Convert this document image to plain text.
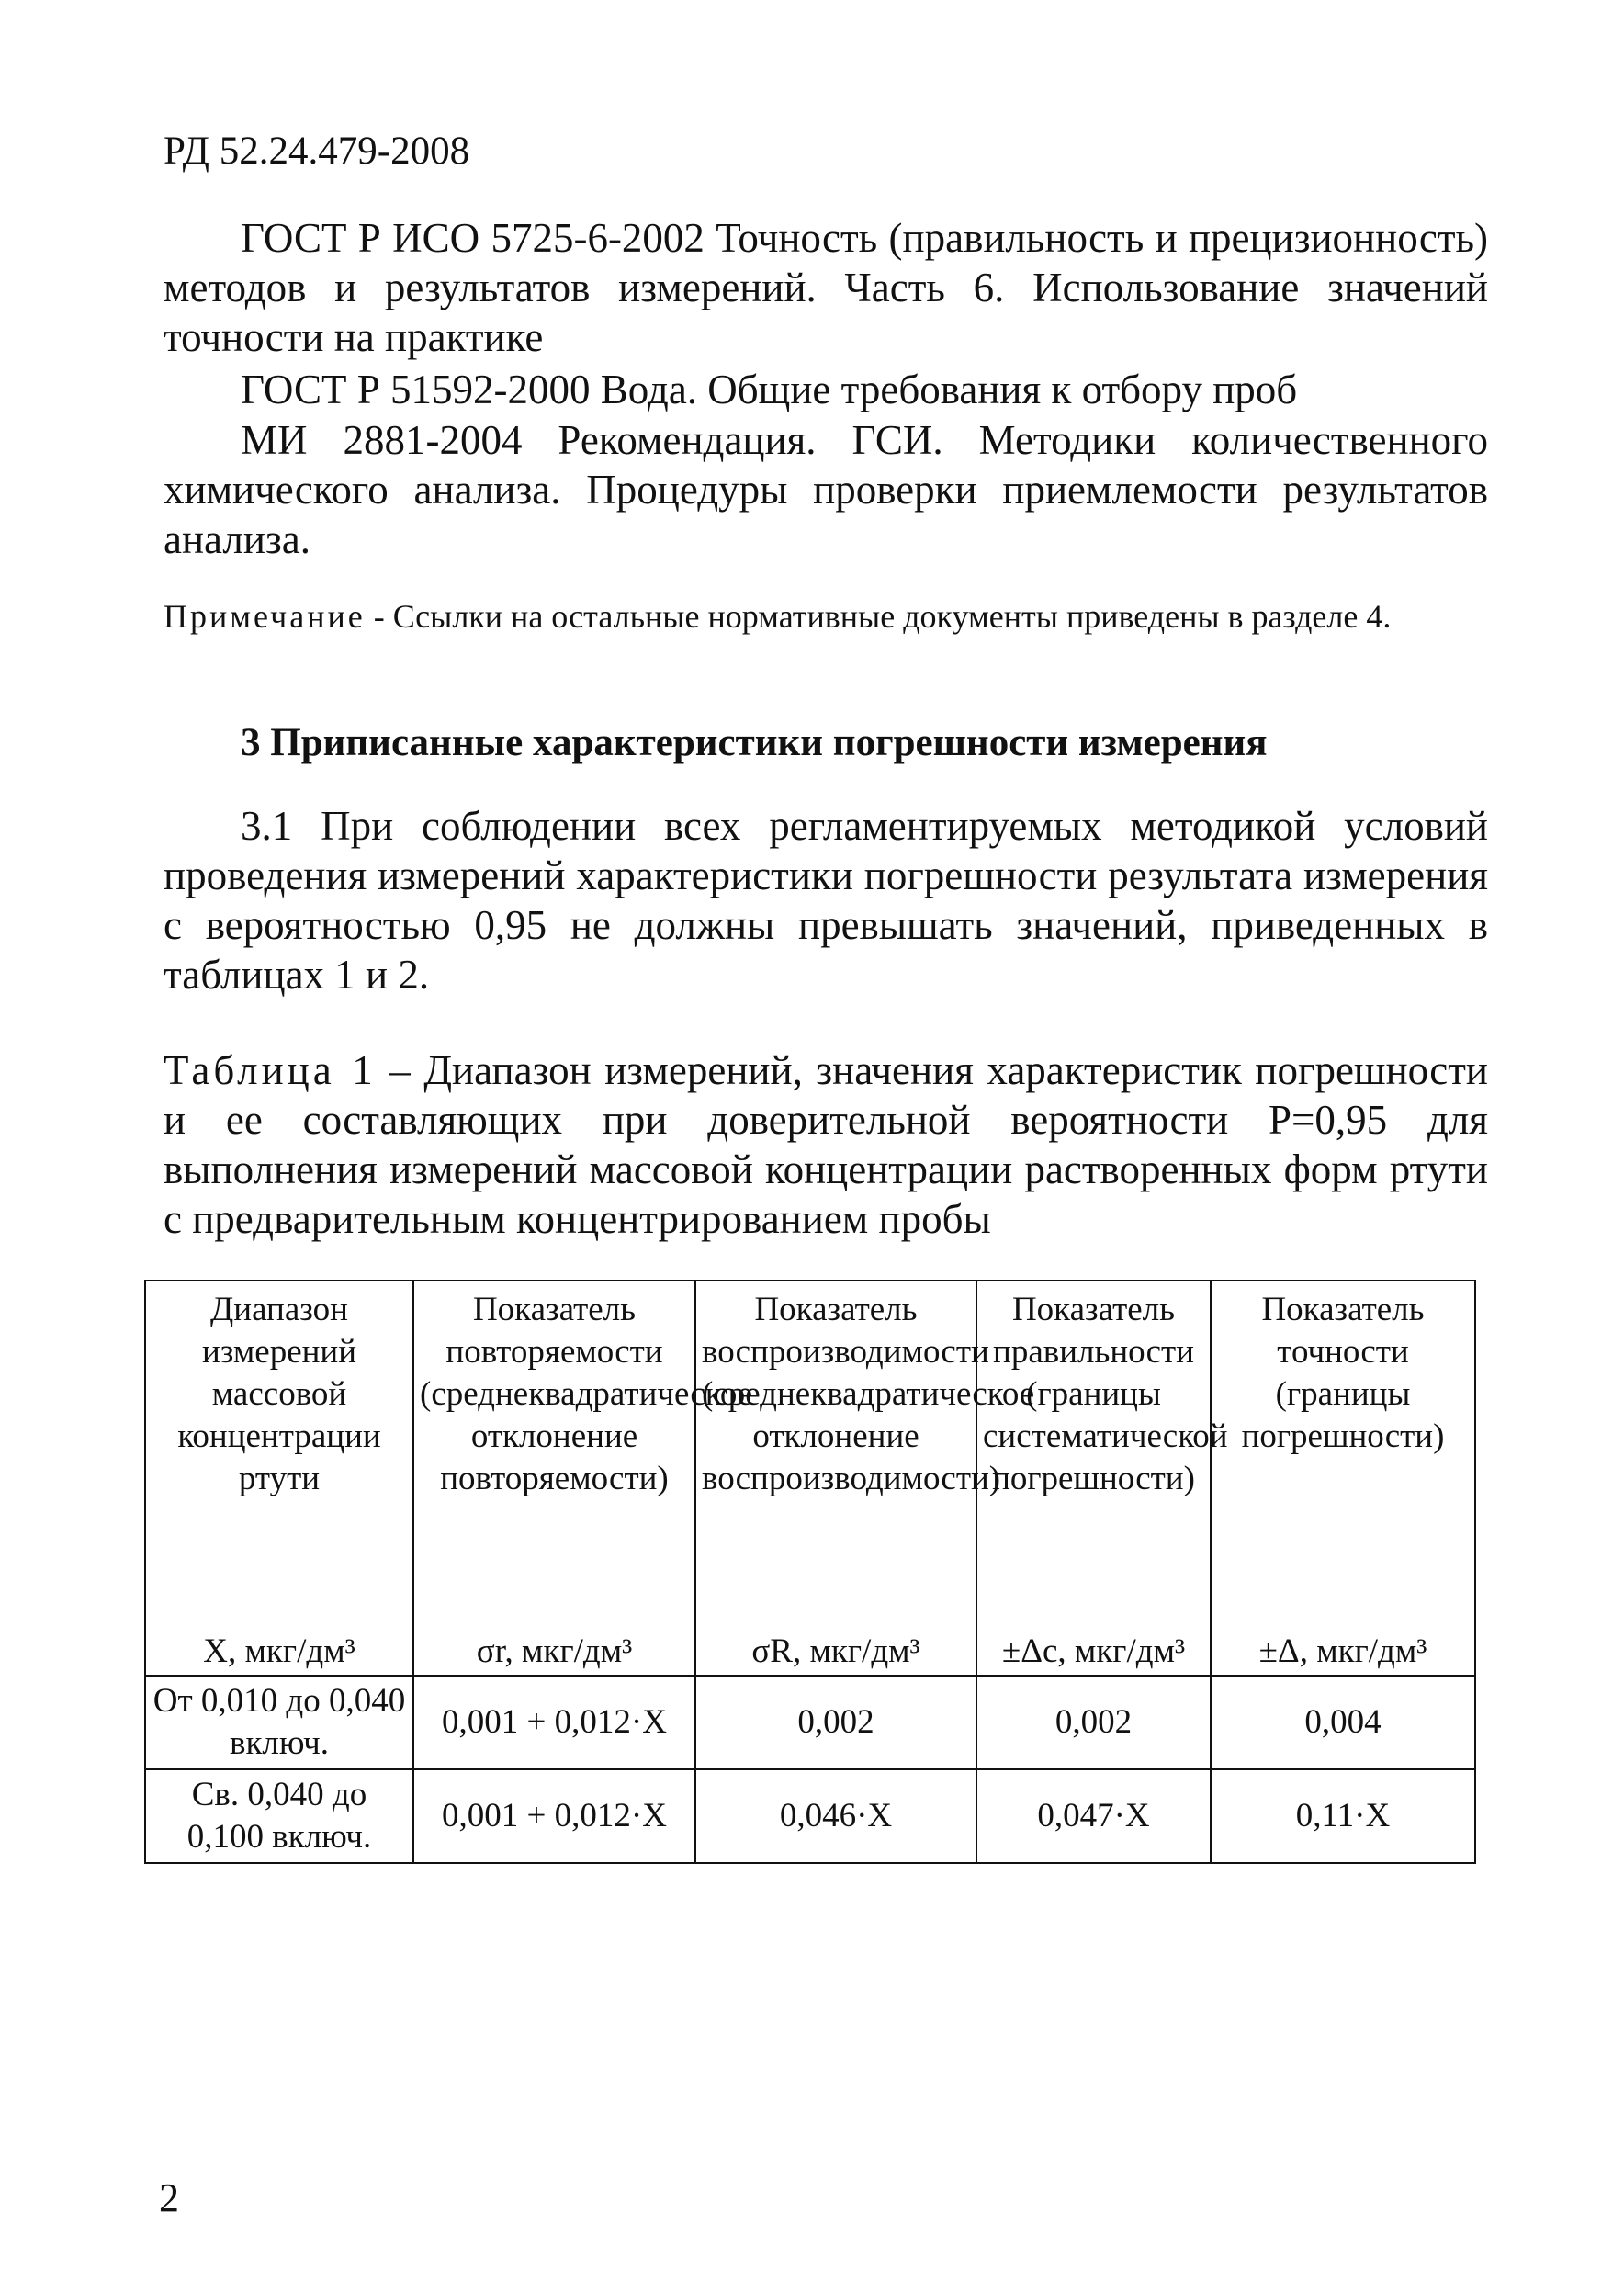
РД 52.24.479-2008

ГОСТ Р ИСО 5725-6-2002 Точность (правильность и прецизионность) методов и результатов измерений. Часть 6. Использование значений точности на практике

ГОСТ Р 51592-2000 Вода. Общие требования к отбору проб

МИ 2881-2004 Рекомендация. ГСИ. Методики количественного химического анализа. Процедуры проверки приемлемости результатов анализа.

Примечание - Ссылки на остальные нормативные документы приведены в разделе 4.

3 Приписанные характеристики погрешности измерения

3.1 При соблюдении всех регламентируемых методикой условий проведения измерений характеристики погрешности результата измерения с вероятностью 0,95 не должны превышать значений, приведенных в таблицах 1 и 2.

Таблица 1 – Диапазон измерений, значения характеристик погрешности и ее составляющих при доверительной вероятности P=0,95 для выполнения измерений массовой концентрации растворенных форм ртути с предварительным концентрированием пробы

Диапазон измерений массовой концентрации ртути	Показатель повторяемости (среднеквадратическое отклонение повторяемости)	Показатель воспроизводимости (среднеквадратическое отклонение воспроизводимости)	Показатель правильности (границы систематической погрешности)	Показатель точности (границы погрешности)

X, мкг/дм³	σr, мкг/дм³	σR, мкг/дм³	±Δc, мкг/дм³	±Δ, мкг/дм³
От 0,010 до 0,040 включ.	0,001 + 0,012·X	0,002	0,002	0,004
Св. 0,040 до 0,100 включ.	0,001 + 0,012·X	0,046·X	0,047·X	0,11·X

2
